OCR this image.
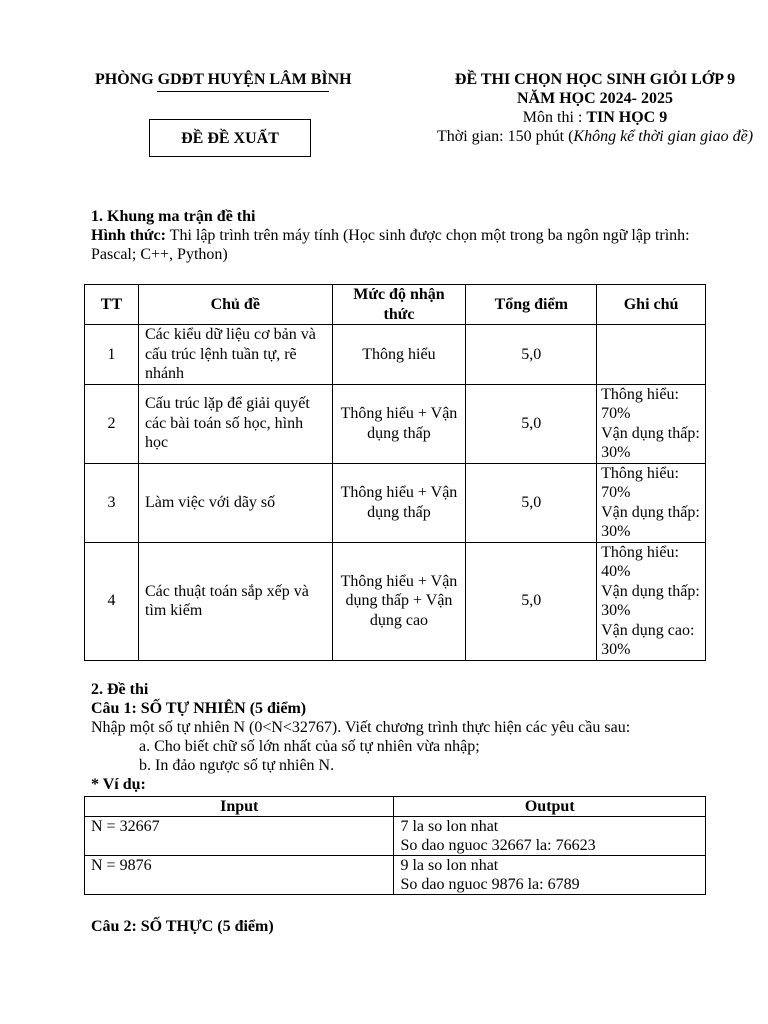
PHÒNG GDĐT HUYỆN LÂM BÌNH
ĐỀ ĐỀ XUẤT
ĐỀ THI CHỌN HỌC SINH GIỎI LỚP 9
NĂM HỌC 2024- 2025
Môn thi : TIN HỌC 9
Thời gian: 150 phút (Không kể thời gian giao đề)
1. Khung ma trận đề thi
Hình thức: Thi lập trình trên máy tính (Học sinh được chọn một trong ba ngôn ngữ lập trình: Pascal; C++, Python)
TT	Chủ đề	Mức độ nhận thức	Tổng điểm	Ghi chú
1	Các kiểu dữ liệu cơ bản và cấu trúc lệnh tuần tự, rẽ nhánh	Thông hiểu	5,0	
2	Cấu trúc lặp để giải quyết các bài toán số học, hình học	Thông hiểu + Vận dụng thấp	5,0	Thông hiểu: 70%
Vận dụng thấp: 30%
3	Làm việc với dãy số	Thông hiểu + Vận dụng thấp	5,0	Thông hiểu: 70%
Vận dụng thấp: 30%
4	Các thuật toán sắp xếp và tìm kiếm	Thông hiểu + Vận dụng thấp + Vận dụng cao	5,0	Thông hiểu: 40%
Vận dụng thấp: 30%
Vận dụng cao: 30%
2. Đề thi
Câu 1: SỐ TỰ NHIÊN (5 điểm)
Nhập một số tự nhiên N (0<N<32767). Viết chương trình thực hiện các yêu cầu sau:
a. Cho biết chữ số lớn nhất của số tự nhiên vừa nhập;
b. In đảo ngược số tự nhiên N.
* Ví dụ:
Input	Output
N = 32667	7 la so lon nhat
So dao nguoc 32667 la: 76623
N = 9876	9 la so lon nhat
So dao nguoc 9876 la: 6789
Câu 2: SỐ THỰC (5 điểm)
